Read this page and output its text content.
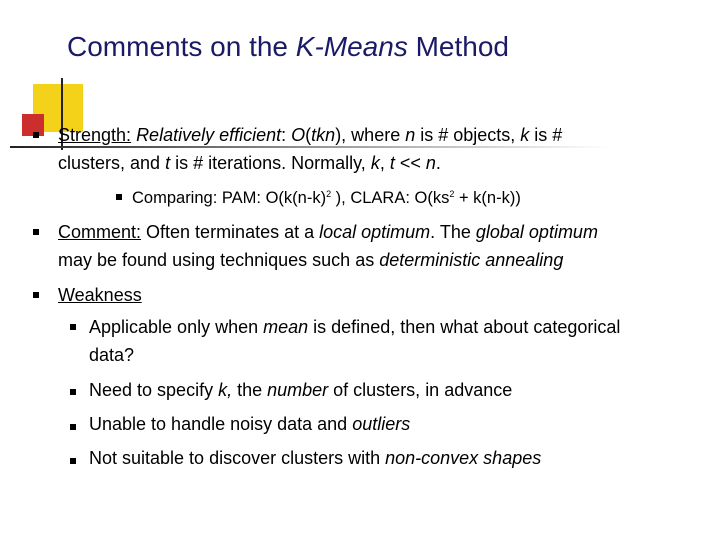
Comments on the K-Means Method
Strength: Relatively efficient: O(tkn), where n is # objects, k is #
clusters, and t is # iterations. Normally, k, t << n.
Comparing: PAM: $O(k(n-k)^2$ ), CLARA: $O(ks^2 + k(n-k))$
Comment: Often terminates at a local optimum. The global optimum
may be found using techniques such as deterministic annealing
Weakness
Applicable only when mean is defined, then what about categorical
data?
Need to specify k, the number of clusters, in advance
Unable to handle noisy data and outliers
Not suitable to discover clusters with non-convex shapes
